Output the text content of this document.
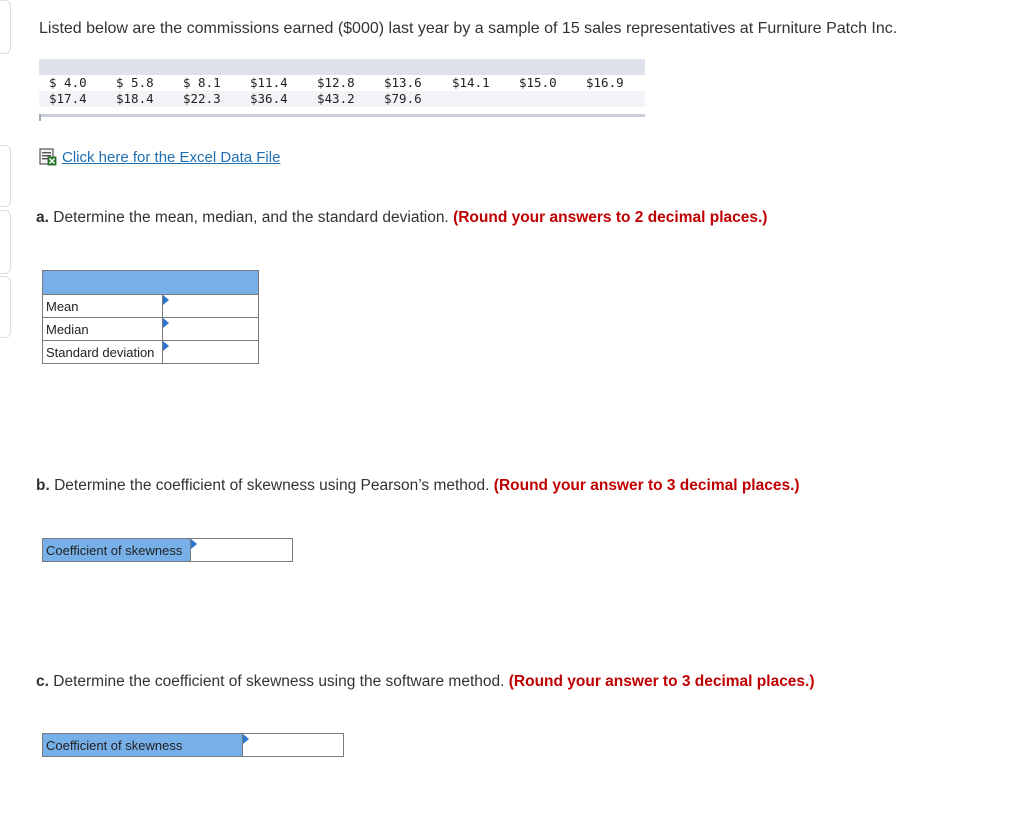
Listed below are the commissions earned ($000) last year by a sample of 15 sales representatives at Furniture Patch Inc.

$ 4.0	$ 5.8	$ 8.1	$11.4	$12.8	$13.6	$14.1	$15.0	$16.9
$17.4	$18.4	$22.3	$36.4	$43.2	$79.6
Click here for the Excel Data File

a. Determine the mean, median, and the standard deviation. (Round your answers to 2 decimal places.)

Mean	

Median	

Standard deviation	

b. Determine the coefficient of skewness using Pearson’s method. (Round your answer to 3 decimal places.)

Coefficient of skewness	

c. Determine the coefficient of skewness using the software method. (Round your answer to 3 decimal places.)

Coefficient of skewness	
